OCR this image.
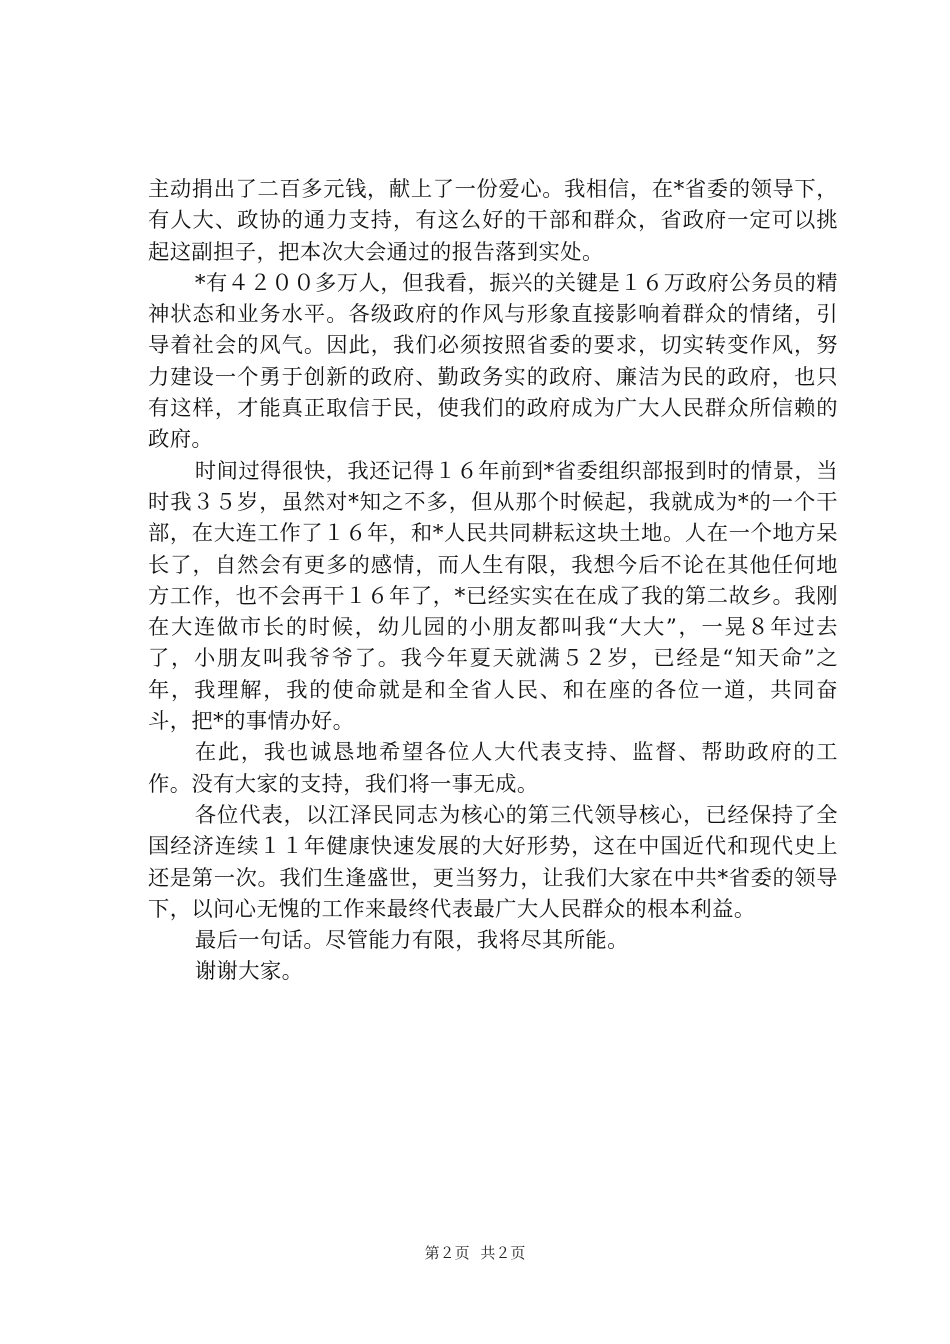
主动捐出了二百多元钱，献上了一份爱心。我相信，在*省委的领导下，有人大、政协的通力支持，有这么好的干部和群众，省政府一定可以挑起这副担子，把本次大会通过的报告落到实处。

*有４２００多万人，但我看，振兴的关键是１６万政府公务员的精神状态和业务水平。各级政府的作风与形象直接影响着群众的情绪，引导着社会的风气。因此，我们必须按照省委的要求，切实转变作风，努力建设一个勇于创新的政府、勤政务实的政府、廉洁为民的政府，也只有这样，才能真正取信于民，使我们的政府成为广大人民群众所信赖的政府。

时间过得很快，我还记得１６年前到*省委组织部报到时的情景，当时我３５岁，虽然对*知之不多，但从那个时候起，我就成为*的一个干部，在大连工作了１６年，和*人民共同耕耘这块土地。人在一个地方呆长了，自然会有更多的感情，而人生有限，我想今后不论在其他任何地方工作，也不会再干１６年了，*已经实实在在成了我的第二故乡。我刚在大连做市长的时候，幼儿园的小朋友都叫我“大大”，一晃８年过去了，小朋友叫我爷爷了。我今年夏天就满５２岁，已经是“知天命”之年，我理解，我的使命就是和全省人民、和在座的各位一道，共同奋斗，把*的事情办好。

在此，我也诚恳地希望各位人大代表支持、监督、帮助政府的工作。没有大家的支持，我们将一事无成。

各位代表，以江泽民同志为核心的第三代领导核心，已经保持了全国经济连续１１年健康快速发展的大好形势，这在中国近代和现代史上还是第一次。我们生逢盛世，更当努力，让我们大家在中共*省委的领导下，以问心无愧的工作来最终代表最广大人民群众的根本利益。

最后一句话。尽管能力有限，我将尽其所能。

谢谢大家。

第２页 共２页
